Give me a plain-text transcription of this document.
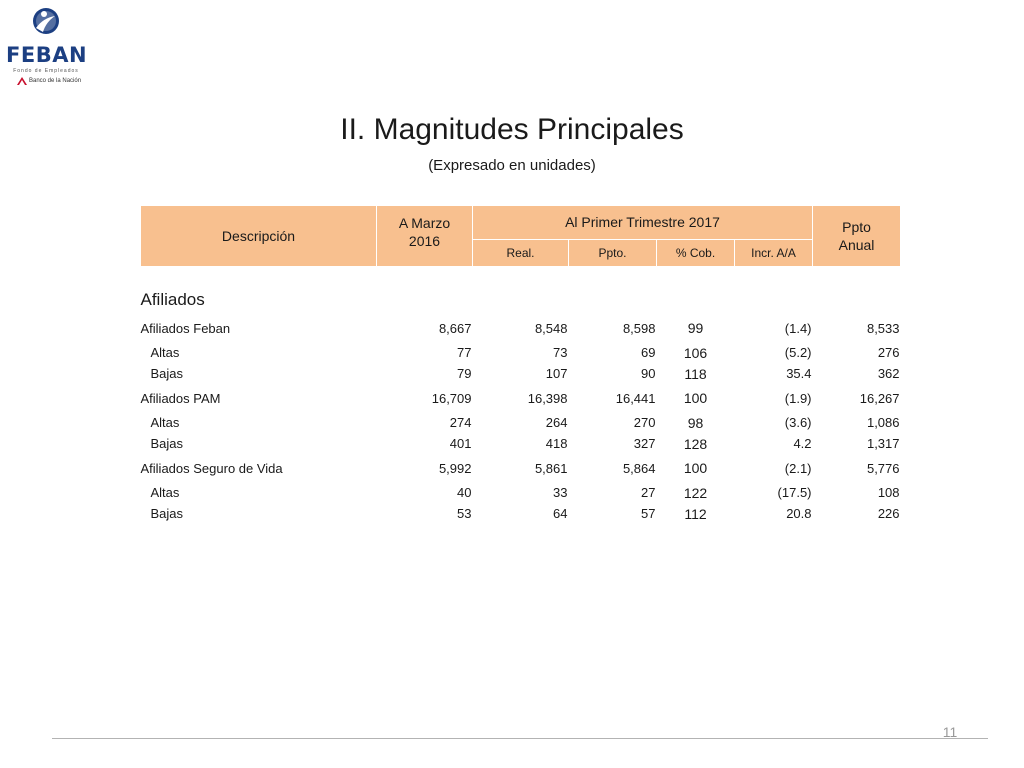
FEBAN
Fondo de Empleados
Banco de la Nación
II. Magnitudes Principales
(Expresado en unidades)
Descripción	A Marzo 2016	Al Primer Trimestre 2017				Ppto Anual

		Real.	Ppto.	% Cob.	Incr. A/A	
Afiliados						
Afiliados Feban	8,667	8,548	8,598	99	(1.4)	8,533
Altas	77	73	69	106	(5.2)	276
Bajas	79	107	90	118	35.4	362
Afiliados PAM	16,709	16,398	16,441	100	(1.9)	16,267
Altas	274	264	270	98	(3.6)	1,086
Bajas	401	418	327	128	4.2	1,317
Afiliados Seguro de Vida	5,992	5,861	5,864	100	(2.1)	5,776
Altas	40	33	27	122	(17.5)	108
Bajas	53	64	57	112	20.8	226
11
